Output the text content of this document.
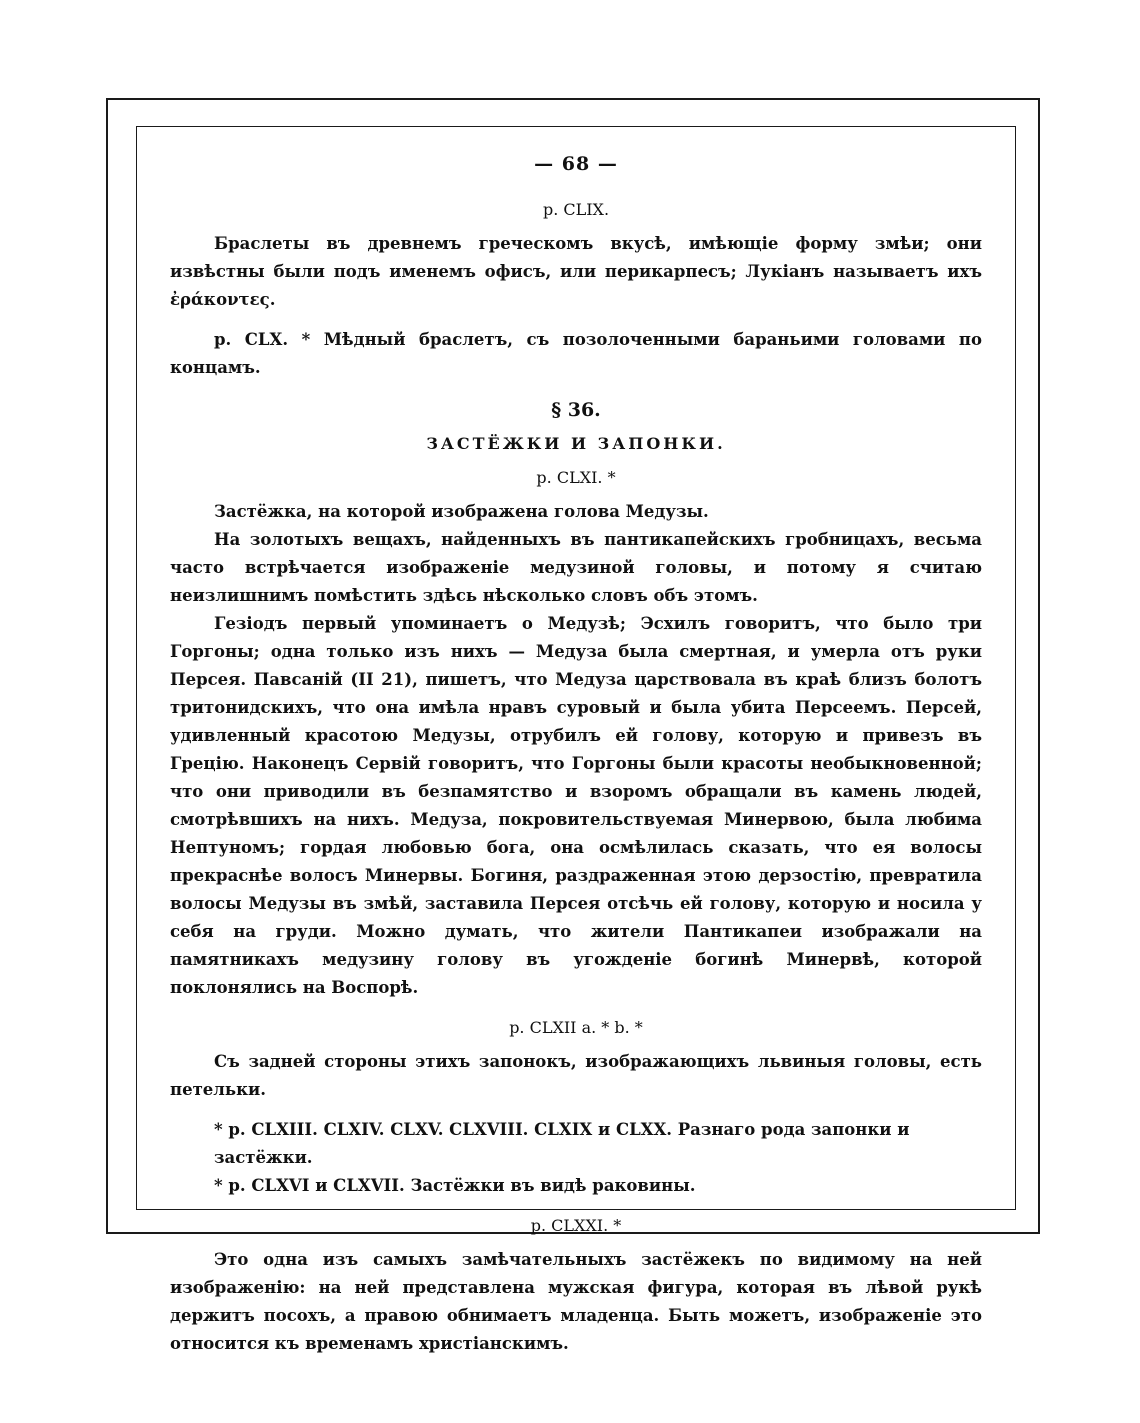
— 68 —
р. CLIX.

Браслеты въ древнемъ греческомъ вкусѣ, имѣющіе форму змѣи; они извѣстны были подъ именемъ офисъ, или перикарпесъ; Лукіанъ называетъ ихъ ἐράκοντες.

р. CLX. * Мѣдный браслетъ, съ позолоченными бараньими головами по концамъ.

§ 36.
ЗАСТЁЖКИ И ЗАПОНКИ.
р. CLXI. *

Застёжка, на которой изображена голова Медузы.

На золотыхъ вещахъ, найденныхъ въ пантикапейскихъ гробницахъ, весьма часто встрѣчается изображеніе медузиной головы, и потому я считаю неизлишнимъ помѣстить здѣсь нѣсколько словъ объ этомъ.

Гезіодъ первый упоминаетъ о Медузѣ; Эсхилъ говоритъ, что было три Горгоны; одна только изъ нихъ — Медуза была смертная, и умерла отъ руки Персея. Павсаній (II 21), пишетъ, что Медуза царствовала въ краѣ близъ болотъ тритонидскихъ, что она имѣла нравъ суровый и была убита Персеемъ. Персей, удивленный красотою Медузы, отрубилъ ей голову, которую и привезъ въ Грецію. Наконецъ Сервій говоритъ, что Горгоны были красоты необыкновенной; что они приводили въ безпамятство и взоромъ обращали въ камень людей, смотрѣвшихъ на нихъ. Медуза, покровительствуемая Минервою, была любима Нептуномъ; гордая любовью бога, она осмѣлилась сказать, что ея волосы прекраснѣе волосъ Минервы. Богиня, раздраженная этою дерзостію, превратила волосы Медузы въ змѣй, заставила Персея отсѣчь ей голову, которую и носила у себя на груди. Можно думать, что жители Пантикапеи изображали на памятникахъ медузину голову въ угожденіе богинѣ Минервѣ, которой поклонялись на Воспорѣ.

р. CLXII а. * b. *

Съ задней стороны этихъ запонокъ, изображающихъ львиныя головы, есть петельки.

* р. CLXIII. CLXIV. CLXV. CLXVIII. CLXIX и CLXX. Разнаго рода запонки и застёжки.

* р. CLXVI и CLXVII. Застёжки въ видѣ раковины.

р. CLXXI. *

Это одна изъ самыхъ замѣчательныхъ застёжекъ по видимому на ней изображенію: на ней представлена мужская фигура, которая въ лѣвой рукѣ держитъ посохъ, а правою обнимаетъ младенца. Быть можетъ, изображеніе это относится къ временамъ христіанскимъ.
